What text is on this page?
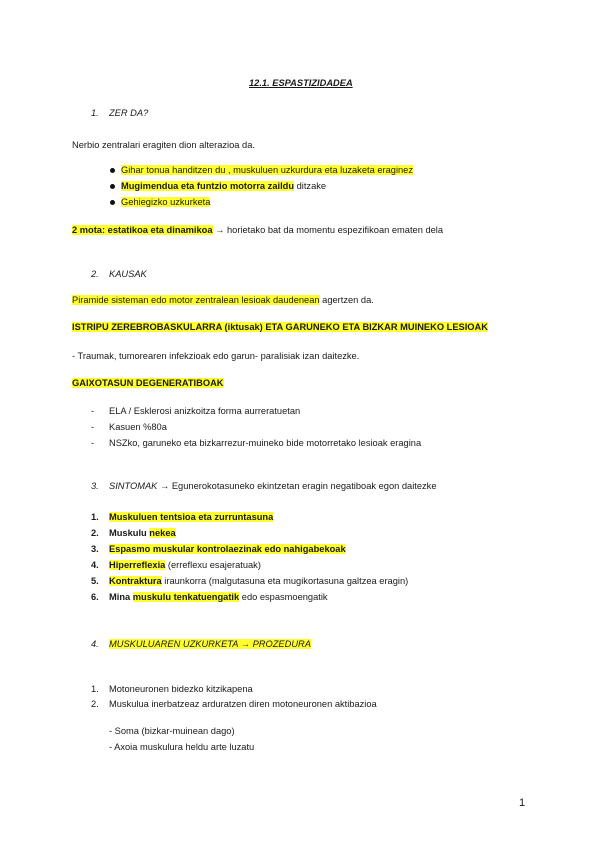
12.1. ESPASTIZIDADEA
1. ZER DA?
Nerbio zentralari eragiten dion alterazioa da.
Gihar tonua handitzen du , muskuluen uzkurdura eta luzaketa eraginez
Mugimendua eta funtzio motorra zaildu ditzake
Gehiegizko uzkurketa
2 mota: estatikoa eta dinamikoa → horietako bat da momentu espezifikoan ematen dela
2. KAUSAK
Piramide sisteman edo motor zentralean lesioak daudenean agertzen da.
ISTRIPU ZEREBROBASKULARRA (iktusak) ETA GARUNEKO ETA BIZKAR MUINEKO LESIOAK
- Traumak, tumorearen infekzioak edo garun- paralisiak izan daitezke.
GAIXOTASUN DEGENERATIBOAK
- ELA / Esklerosi anizkoitza forma aurreratuetan
- Kasuen %80a
- NSZko, garuneko eta bizkarrezur-muineko bide motorretako lesioak eragina
3. SINTOMAK → Egunerokotasuneko ekintzetan eragin negatiboak egon daitezke
1. Muskuluen tentsioa eta zurruntasuna
2. Muskulu nekea
3. Espasmo muskular kontrolaezinak edo nahigabekoak
4. Hiperreflexia (erreflexu esajeratuak)
5. Kontraktura iraunkorra (malgutasuna eta mugikortasuna galtzea eragin)
6. Mina muskulu tenkatuengatik edo espasmoengatik
4. MUSKULUAREN UZKURKETA → PROZEDURA
1. Motoneuronen bidezko kitzikapena
2. Muskulua inerbatzeaz arduratzen diren motoneuronen aktibazioa
- Soma (bizkar-muinean dago)
- Axoia muskulura heldu arte luzatu
1
